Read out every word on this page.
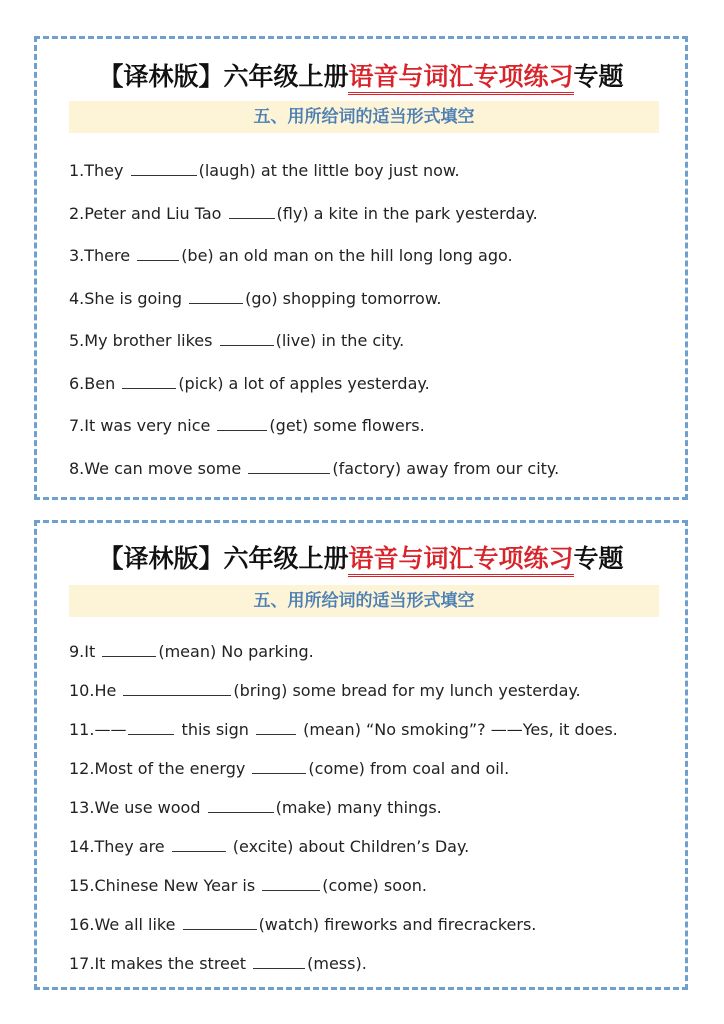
【译林版】六年级上册语音与词汇专项练习专题
五、用所给词的适当形式填空
1.They	(laugh) at the little boy just now.
2.Peter and Liu Tao	(fly) a kite in the park yesterday.
3.There	(be) an old man on the hill long long ago.
4.She is going	(go) shopping tomorrow.
5.My brother likes	(live) in the city.
6.Ben	(pick) a lot of apples yesterday.
7.It was very nice	(get) some flowers.
8.We can move some	(factory) away from our city.
【译林版】六年级上册语音与词汇专项练习专题
五、用所给词的适当形式填空
9.It	(mean) No parking.
10.He	(bring) some bread for my lunch yesterday.
11.——	this sign	(mean) “No smoking”? ——Yes, it does.
12.Most of the energy	(come) from coal and oil.
13.We use wood	(make) many things.
14.They are	(excite) about Children’s Day.
15.Chinese New Year is	(come) soon.
16.We all like	(watch) fireworks and firecrackers.
17.It makes the street	(mess).
